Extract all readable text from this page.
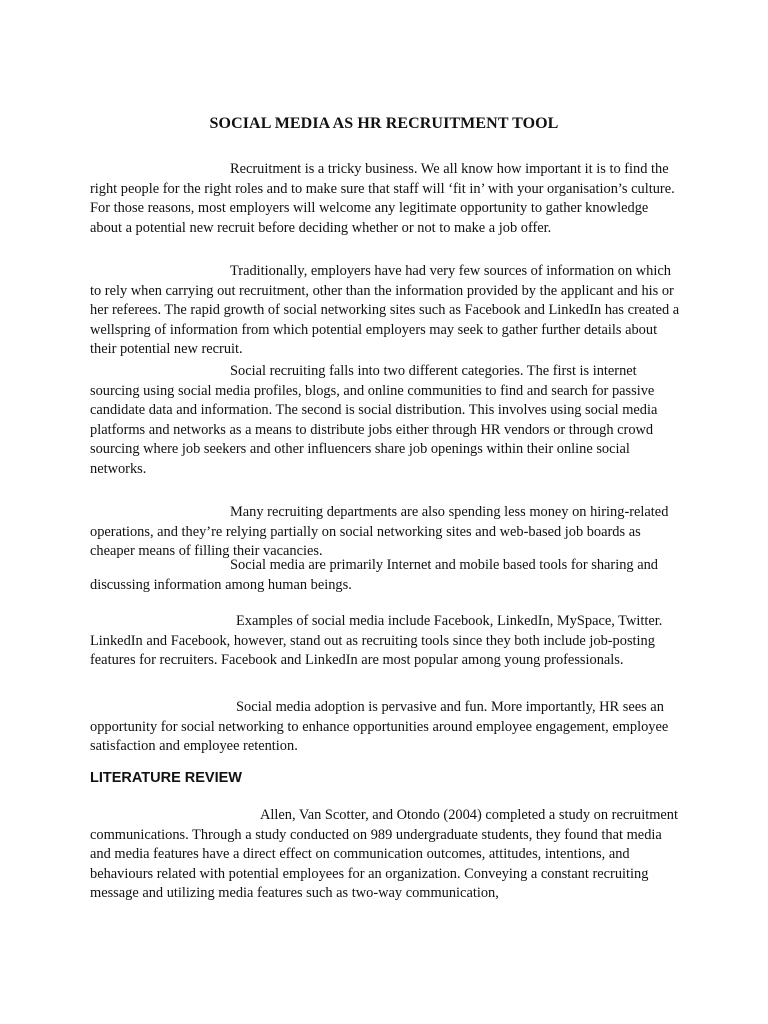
SOCIAL MEDIA AS HR RECRUITMENT TOOL
Recruitment is a tricky business. We all know how important it is to find the right people for the right roles and to make sure that staff will ‘fit in’ with your organisation’s culture. For those reasons, most employers will welcome any legitimate opportunity to gather knowledge about a potential new recruit before deciding whether or not to make a job offer.
Traditionally, employers have had very few sources of information on which to rely when carrying out recruitment, other than the information provided by the applicant and his or her referees. The rapid growth of social networking sites such as Facebook and LinkedIn has created a wellspring of information from which potential employers may seek to gather further details about their potential new recruit.
Social recruiting falls into two different categories. The first is internet sourcing using social media profiles, blogs, and online communities to find and search for passive candidate data and information. The second is social distribution. This involves using social media platforms and networks as a means to distribute jobs either through HR vendors or through crowd sourcing where job seekers and other influencers share job openings within their online social networks.
Many recruiting departments are also spending less money on hiring-related operations, and they’re relying partially on social networking sites and web-based job boards as cheaper means of filling their vacancies.
Social media are primarily Internet and mobile based tools for sharing and discussing information among human beings.
Examples of social media include Facebook, LinkedIn, MySpace, Twitter. LinkedIn and Facebook, however, stand out as recruiting tools since they both include job-posting features for recruiters. Facebook and LinkedIn are most popular among young professionals.
Social media adoption is pervasive and fun. More importantly, HR sees an opportunity for social networking to enhance opportunities around employee engagement, employee satisfaction and employee retention.
LITERATURE REVIEW
Allen, Van Scotter, and Otondo (2004) completed a study on recruitment communications. Through a study conducted on 989 undergraduate students, they found that media and media features have a direct effect on communication outcomes, attitudes, intentions, and behaviours related with potential employees for an organization. Conveying a constant recruiting message and utilizing media features such as two-way communication,
